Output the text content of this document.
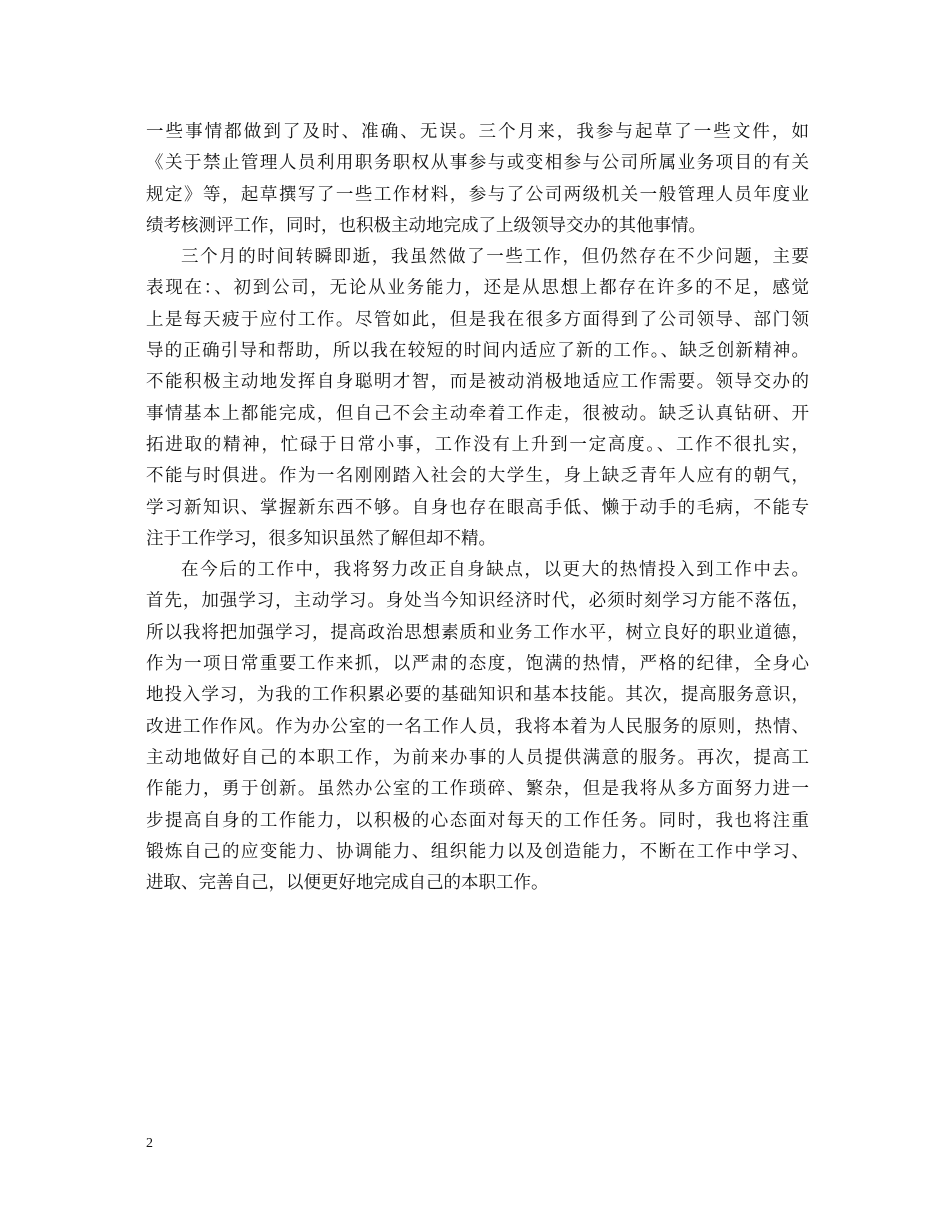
一些事情都做到了及时、准确、无误。三个月来，我参与起草了一些文件，如
《关于禁止管理人员利用职务职权从事参与或变相参与公司所属业务项目的有关
规定》等，起草撰写了一些工作材料，参与了公司两级机关一般管理人员年度业
绩考核测评工作，同时，也积极主动地完成了上级领导交办的其他事情。
三个月的时间转瞬即逝，我虽然做了一些工作，但仍然存在不少问题，主要
表现在：、初到公司，无论从业务能力，还是从思想上都存在许多的不足，感觉
上是每天疲于应付工作。尽管如此，但是我在很多方面得到了公司领导、部门领
导的正确引导和帮助，所以我在较短的时间内适应了新的工作。、缺乏创新精神。
不能积极主动地发挥自身聪明才智，而是被动消极地适应工作需要。领导交办的
事情基本上都能完成，但自己不会主动牵着工作走，很被动。缺乏认真钻研、开
拓进取的精神，忙碌于日常小事，工作没有上升到一定高度。、工作不很扎实，
不能与时俱进。作为一名刚刚踏入社会的大学生，身上缺乏青年人应有的朝气，
学习新知识、掌握新东西不够。自身也存在眼高手低、懒于动手的毛病，不能专
注于工作学习，很多知识虽然了解但却不精。
在今后的工作中，我将努力改正自身缺点，以更大的热情投入到工作中去。
首先，加强学习，主动学习。身处当今知识经济时代，必须时刻学习方能不落伍，
所以我将把加强学习，提高政治思想素质和业务工作水平，树立良好的职业道德，
作为一项日常重要工作来抓，以严肃的态度，饱满的热情，严格的纪律，全身心
地投入学习，为我的工作积累必要的基础知识和基本技能。其次，提高服务意识，
改进工作作风。作为办公室的一名工作人员，我将本着为人民服务的原则，热情、
主动地做好自己的本职工作，为前来办事的人员提供满意的服务。再次，提高工
作能力，勇于创新。虽然办公室的工作琐碎、繁杂，但是我将从多方面努力进一
步提高自身的工作能力，以积极的心态面对每天的工作任务。同时，我也将注重
锻炼自己的应变能力、协调能力、组织能力以及创造能力，不断在工作中学习、
进取、完善自己，以便更好地完成自己的本职工作。
2
